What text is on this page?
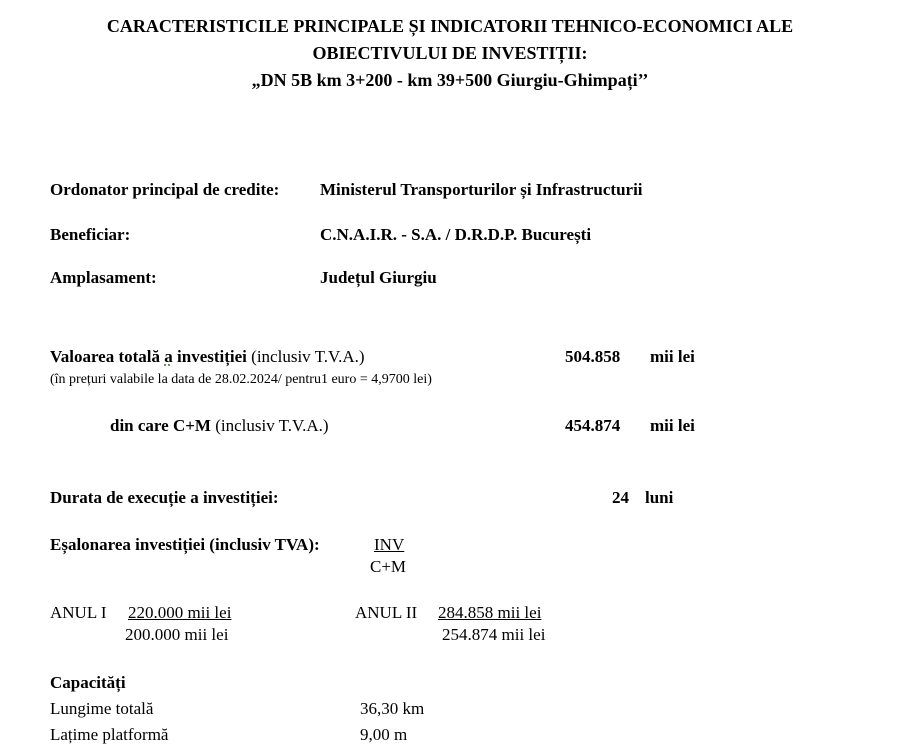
CARACTERISTICILE PRINCIPALE ȘI INDICATORII TEHNICO-ECONOMICI ALE
OBIECTIVULUI DE INVESTIȚII:
„DN 5B km 3+200 - km 39+500 Giurgiu-Ghimpați’’
Ordonator principal de credite: Ministerul Transporturilor și Infrastructurii
Beneficiar:	C.N.A.I.R. - S.A. / D.R.D.P. București
Amplasament:	Județul Giurgiu
Valoarea totală a investiției (inclusiv T.V.A.)	504.858 mii lei
(în prețuri valabile la data de 28.02.2024/ pentru1 euro = 4,9700 lei)
din care C+M (inclusiv T.V.A.)	454.874 mii lei
Durata de execuție a investiției:	24 luni
Eșalonarea investiției (inclusiv TVA):	INV
C+M
ANUL I 220.000 mii lei
200.000 mii lei
ANUL II 284.858 mii lei
254.874 mii lei
Capacități
Lungime totală	36,30 km
Lațime platformă	9,00 m
